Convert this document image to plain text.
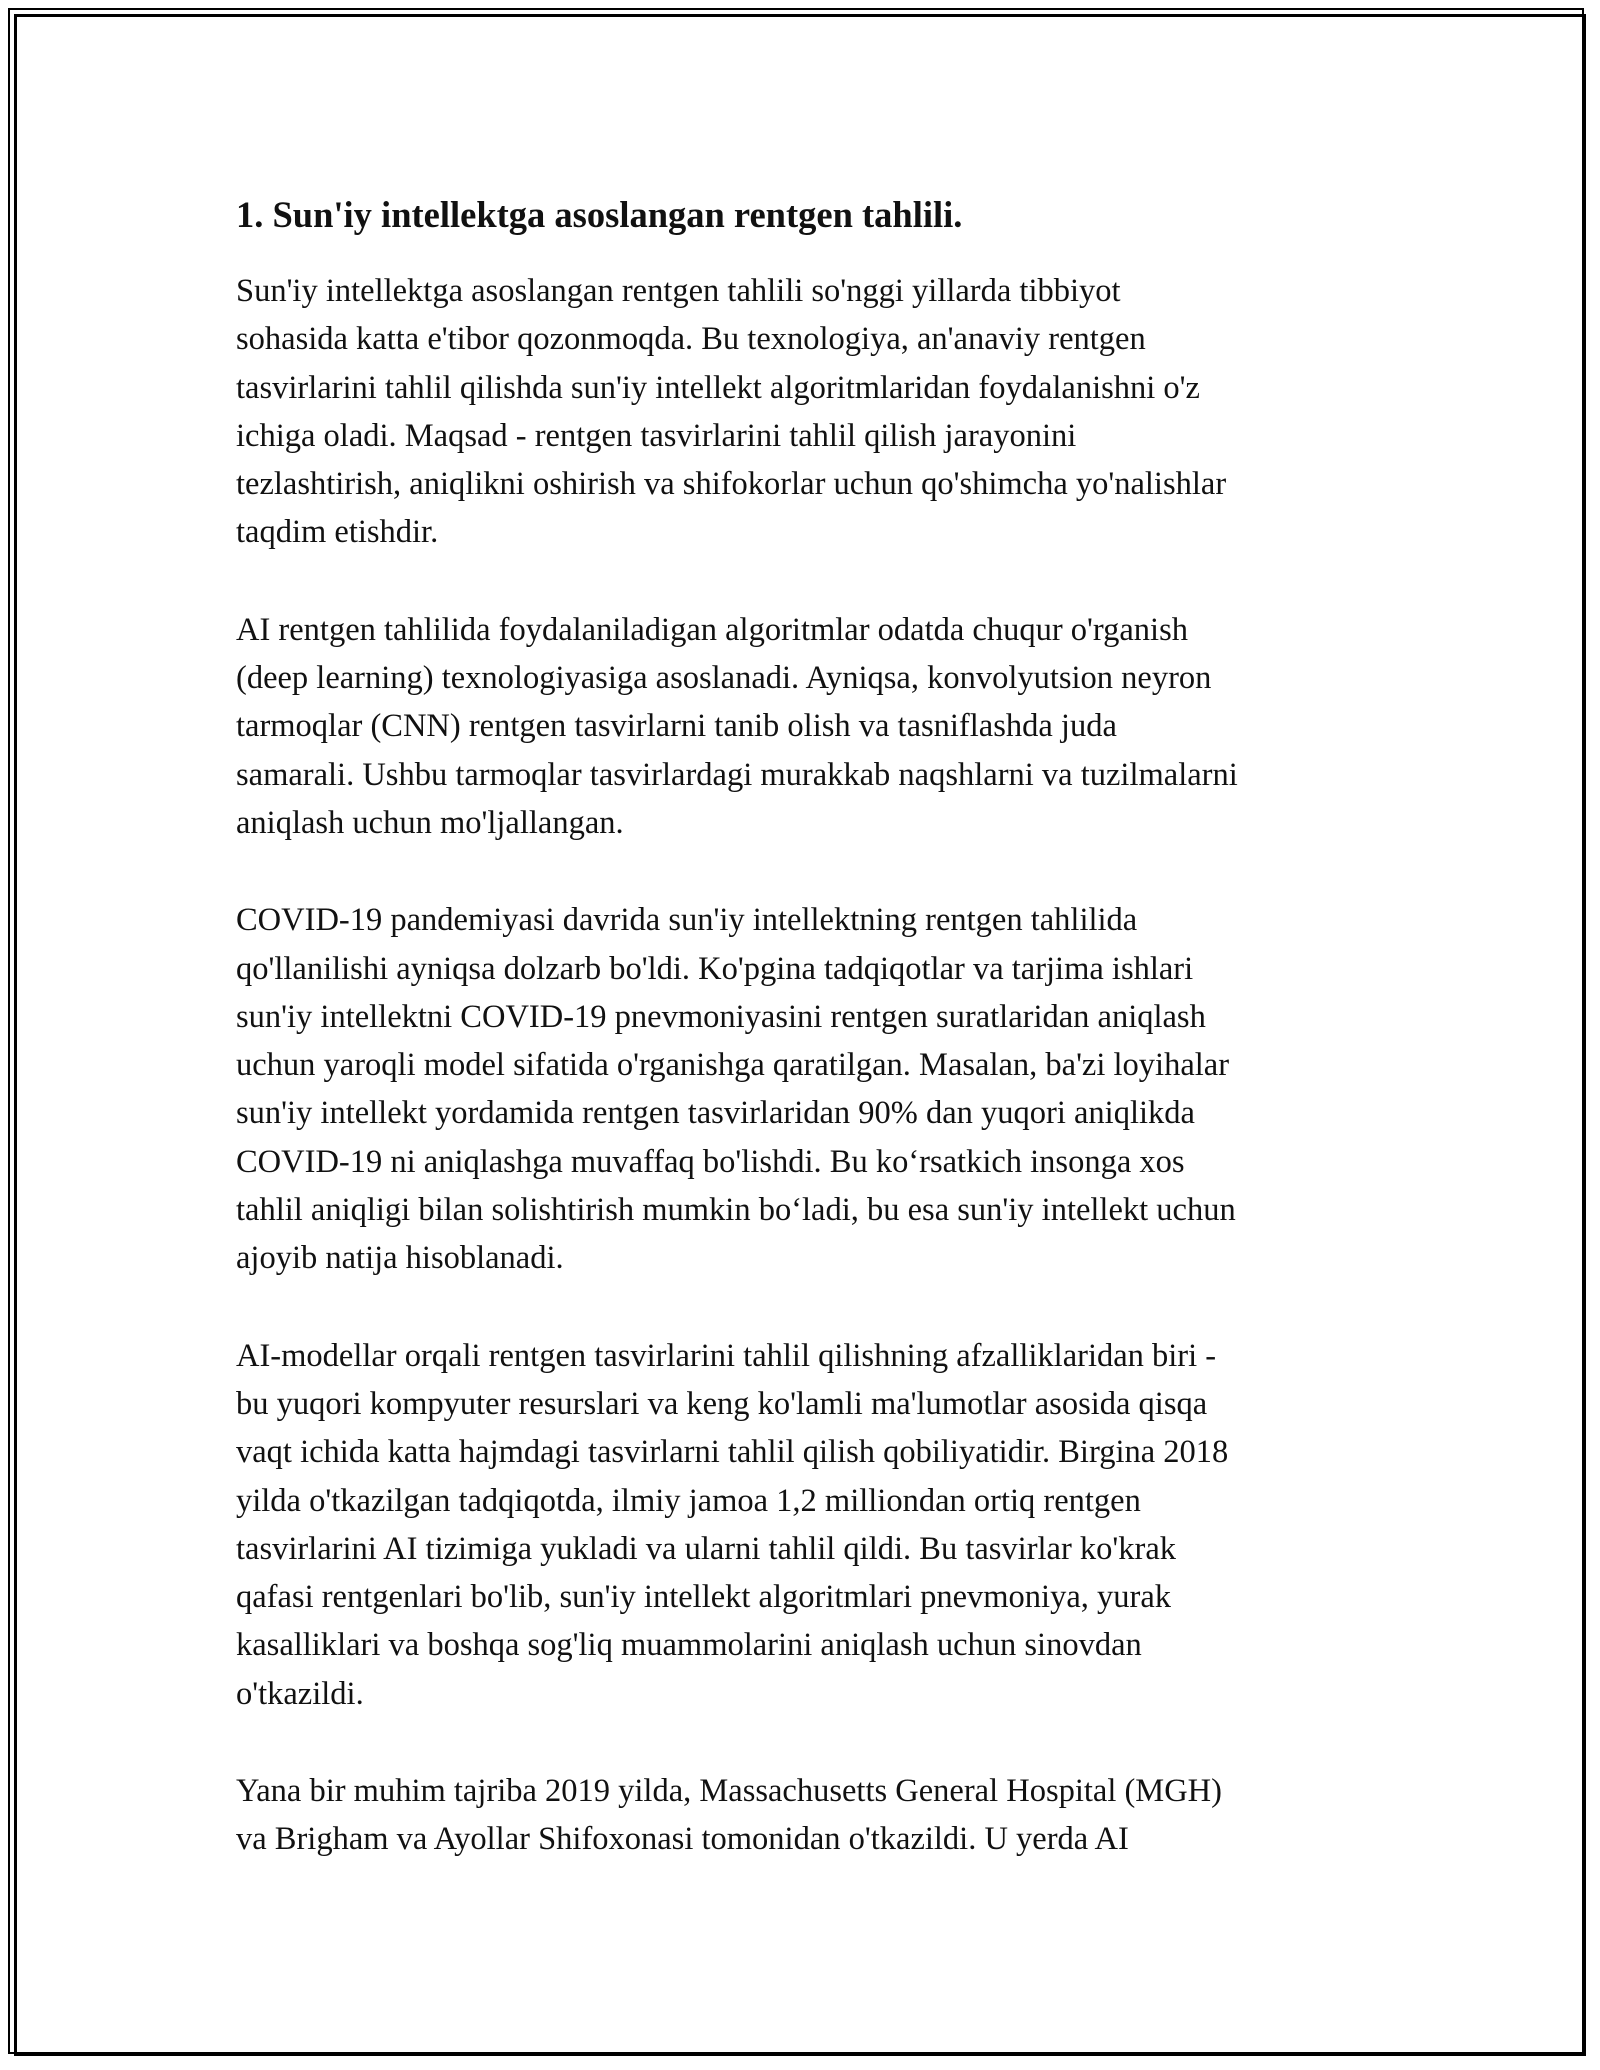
1. Sun'iy intellektga asoslangan rentgen tahlili.

Sun'iy intellektga asoslangan rentgen tahlili so'nggi yillarda tibbiyot
sohasida katta e'tibor qozonmoqda. Bu texnologiya, an'anaviy rentgen
tasvirlarini tahlil qilishda sun'iy intellekt algoritmlaridan foydalanishni o'z
ichiga oladi. Maqsad - rentgen tasvirlarini tahlil qilish jarayonini
tezlashtirish, aniqlikni oshirish va shifokorlar uchun qo'shimcha yo'nalishlar
taqdim etishdir.

AI rentgen tahlilida foydalaniladigan algoritmlar odatda chuqur o'rganish
(deep learning) texnologiyasiga asoslanadi. Ayniqsa, konvolyutsion neyron
tarmoqlar (CNN) rentgen tasvirlarni tanib olish va tasniflashda juda
samarali. Ushbu tarmoqlar tasvirlardagi murakkab naqshlarni va tuzilmalarni
aniqlash uchun mo'ljallangan.

COVID-19 pandemiyasi davrida sun'iy intellektning rentgen tahlilida
qo'llanilishi ayniqsa dolzarb bo'ldi. Ko'pgina tadqiqotlar va tarjima ishlari
sun'iy intellektni COVID-19 pnevmoniyasini rentgen suratlaridan aniqlash
uchun yaroqli model sifatida o'rganishga qaratilgan. Masalan, ba'zi loyihalar
sun'iy intellekt yordamida rentgen tasvirlaridan 90% dan yuqori aniqlikda
COVID-19 ni aniqlashga muvaffaq bo'lishdi. Bu ko‘rsatkich insonga xos
tahlil aniqligi bilan solishtirish mumkin bo‘ladi, bu esa sun'iy intellekt uchun
ajoyib natija hisoblanadi.

AI-modellar orqali rentgen tasvirlarini tahlil qilishning afzalliklaridan biri -
bu yuqori kompyuter resurslari va keng ko'lamli ma'lumotlar asosida qisqa
vaqt ichida katta hajmdagi tasvirlarni tahlil qilish qobiliyatidir. Birgina 2018
yilda o'tkazilgan tadqiqotda, ilmiy jamoa 1,2 milliondan ortiq rentgen
tasvirlarini AI tizimiga yukladi va ularni tahlil qildi. Bu tasvirlar ko'krak
qafasi rentgenlari bo'lib, sun'iy intellekt algoritmlari pnevmoniya, yurak
kasalliklari va boshqa sog'liq muammolarini aniqlash uchun sinovdan
o'tkazildi.

Yana bir muhim tajriba 2019 yilda, Massachusetts General Hospital (MGH)
va Brigham va Ayollar Shifoxonasi tomonidan o'tkazildi. U yerda AI
